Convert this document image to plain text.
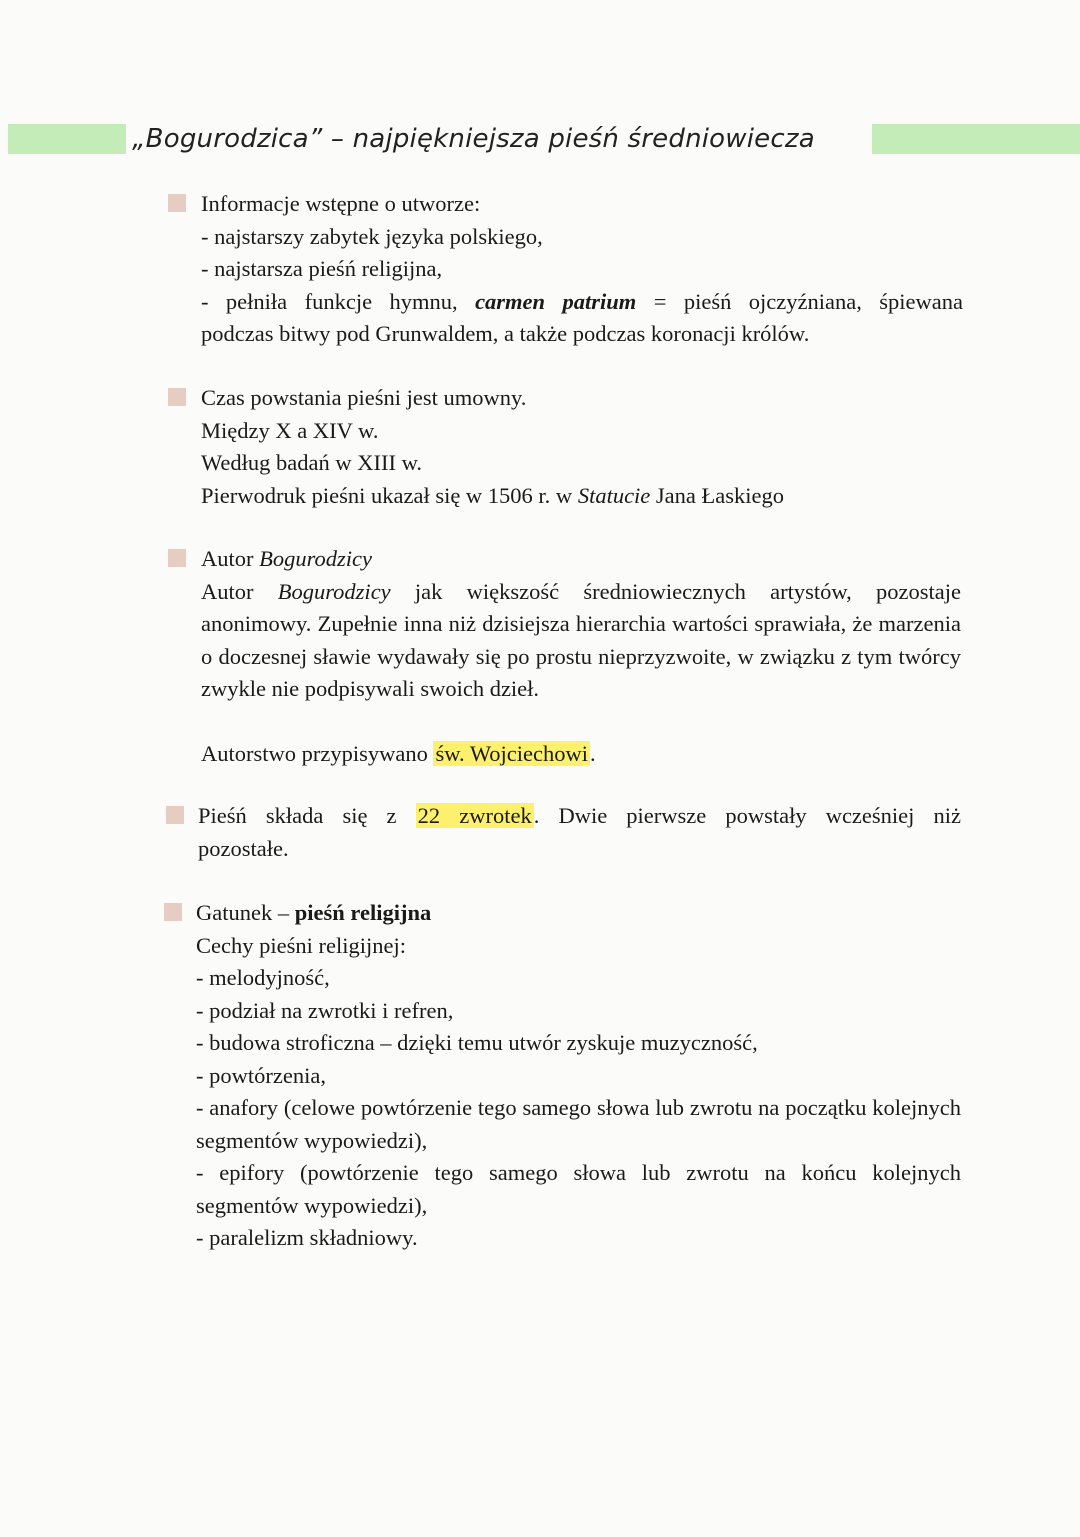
„Bogurodzica” – najpiękniejsza pieśń średniowiecza
Informacje wstępne o utworze:
- najstarszy zabytek języka polskiego,
- najstarsza pieśń religijna,
- pełniła funkcje hymnu, carmen patrium = pieśń ojczyźniana, śpiewana
podczas bitwy pod Grunwaldem, a także podczas koronacji królów.
Czas powstania pieśni jest umowny.
Między X a XIV w.
Według badań w XIII w.
Pierwodruk pieśni ukazał się w 1506 r. w Statucie Jana Łaskiego
Autor Bogurodzicy
Autor Bogurodzicy jak większość średniowiecznych artystów, pozostaje anonimowy. Zupełnie inna niż dzisiejsza hierarchia wartości sprawiała, że marzenia o doczesnej sławie wydawały się po prostu nieprzyzwoite, w związku z tym twórcy zwykle nie podpisywali swoich dzieł.
Autorstwo przypisywano św. Wojciechowi.
Pieśń składa się z 22 zwrotek. Dwie pierwsze powstały wcześniej niż
pozostałe.
Gatunek – pieśń religijna
Cechy pieśni religijnej:
- melodyjność,
- podział na zwrotki i refren,
- budowa stroficzna – dzięki temu utwór zyskuje muzyczność,
- powtórzenia,
- anafory (celowe powtórzenie tego samego słowa lub zwrotu na początku kolejnych segmentów wypowiedzi),
- epifory (powtórzenie tego samego słowa lub zwrotu na końcu kolejnych segmentów wypowiedzi),
- paralelizm składniowy.
